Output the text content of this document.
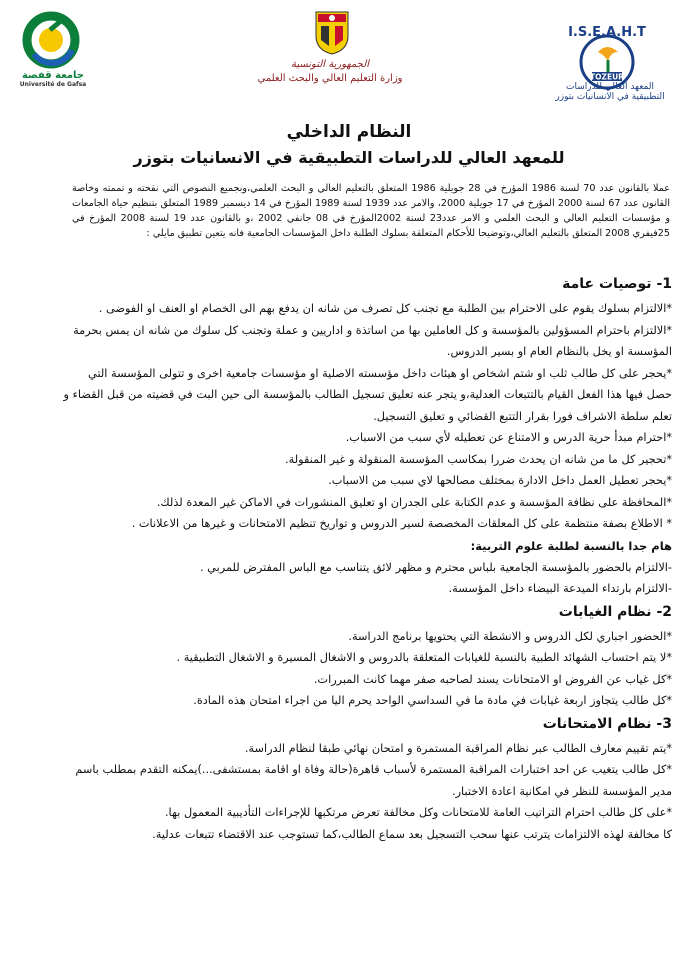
جامعة قفصة
Université de Gafsa
الجمهورية التونسية
وزارة التعليم العالي والبحث العلمي
I.S.E.A.H.T
TOZEUR
المعهد العالي للدراسات
التطبيقية في الانسانيات بتوزر
النظام الداخلي
للمعهد العالي للدراسات التطبيقية في الانسانيات بتوزر
عملا بالقانون عدد 70 لسنة 1986 المؤرخ في 28 جويلية 1986 المتعلق بالتعليم العالي و البحث العلمي،وبجميع النصوص التي نقحته و تممته وخاصة القانون عدد 67 لسنة 2000 المؤرخ في 17 جويلية 2000، والامر عدد 1939 لسنة 1989 المؤرخ في 14 ديسمبر 1989 المتعلق بتنظيم حياة الجامعات و مؤسسات التعليم العالي و البحث العلمي و الامر عدد23 لسنة 2002المؤرخ في 08 جانفي 2002 ،و بالقانون عدد 19 لسنة 2008 المؤرخ في 25فيفري 2008 المتعلق بالتعليم العالي،وتوضيحا للأحكام المتعلقة بسلوك الطلبة داخل المؤسسات الجامعية فانه يتعين تطبيق مايلي :
1- توصيات عامة

*الالتزام بسلوك يقوم على الاحترام بين الطلبة مع تجنب كل تصرف من شانه ان يدفع بهم الى الخصام او العنف او الفوضى .

*الالتزام باحترام المسؤولين بالمؤسسة و كل العاملين بها من اساتذة و اداريين و عملة وتجنب كل سلوك من شانه ان يمس بحرمة المؤسسة او يخل بالنظام العام او بسير الدروس.

*يحجر على كل طالب ثلب او شتم اشخاص او هيئات داخل مؤسسته الاصلية او مؤسسات جامعية اخرى و تتولى المؤسسة التي حصل فيها هذا الفعل القيام بالتتبعات العدلية،و يتجر عنه تعليق تسجيل الطالب بالمؤسسة الى حين البت في قضيته من قبل القضاء و تعلم سلطة الاشراف فورا بقرار التتبع القضائي و تعليق التسجيل.

*احترام مبدأ حرية الدرس و الامتناع عن تعطيله لأي سبب من الاسباب.

*تحجير كل ما من شانه ان يحدث ضررا بمكاسب المؤسسة المنقولة و غير المنقولة.

*يحجر تعطيل العمل داخل الادارة بمختلف مصالحها لاي سبب من الاسباب.

*المحافظة على نظافة المؤسسة و عدم الكتابة على الجدران او تعليق المنشورات في الاماكن غير المعدة لذلك.

* الاطلاع بصفة منتظمة على كل المعلقات المخصصة لسير الدروس و تواريخ تنظيم الامتحانات و غيرها من الاعلانات .

هام جدا بالنسبة لطلبة علوم التربية:

-الالتزام بالحضور بالمؤسسة الجامعية بلباس محترم و مظهر لائق يتناسب مع الباس المفترض للمربي .

-الالتزام بارتداء الميدعة البيضاء داخل المؤسسة.

2- نظام الغيابات

*الحضور اجباري لكل الدروس و الانشطة التي يحتويها برنامج الدراسة.

*لا يتم احتساب الشهائد الطبية بالنسبة للغيابات المتعلقة بالدروس و الاشغال المسيرة و الاشغال التطبيقية .

*كل غياب عن الفروض او الامتحانات يسند لصاحبه صفر مهما كانت المبررات.

*كل طالب يتجاوز اربعة غيابات في مادة ما في السداسي الواحد يحرم اليا من اجراء امتحان هذه المادة.

3- نظام الامتحانات

*يتم تقييم معارف الطالب عبر نظام المراقبة المستمرة و امتحان نهائي طبقا لنظام الدراسة.

*كل طالب يتغيب عن احد اختبارات المراقبة المستمرة لأسباب قاهرة(حالة وفاة او اقامة بمستشفى...)يمكنه التقدم بمطلب باسم مدير المؤسسة للنظر في امكانية اعادة الاختبار.

*على كل طالب احترام التراتيب العامة للامتحانات وكل مخالفة تعرض مرتكبها للإجراءات التأديبية المعمول بها.

كا مخالفة لهذه الالتزامات يترتب عنها سحب التسجيل بعد سماع الطالب،كما تستوجب عند الاقتضاء تتبعات عدلية.
